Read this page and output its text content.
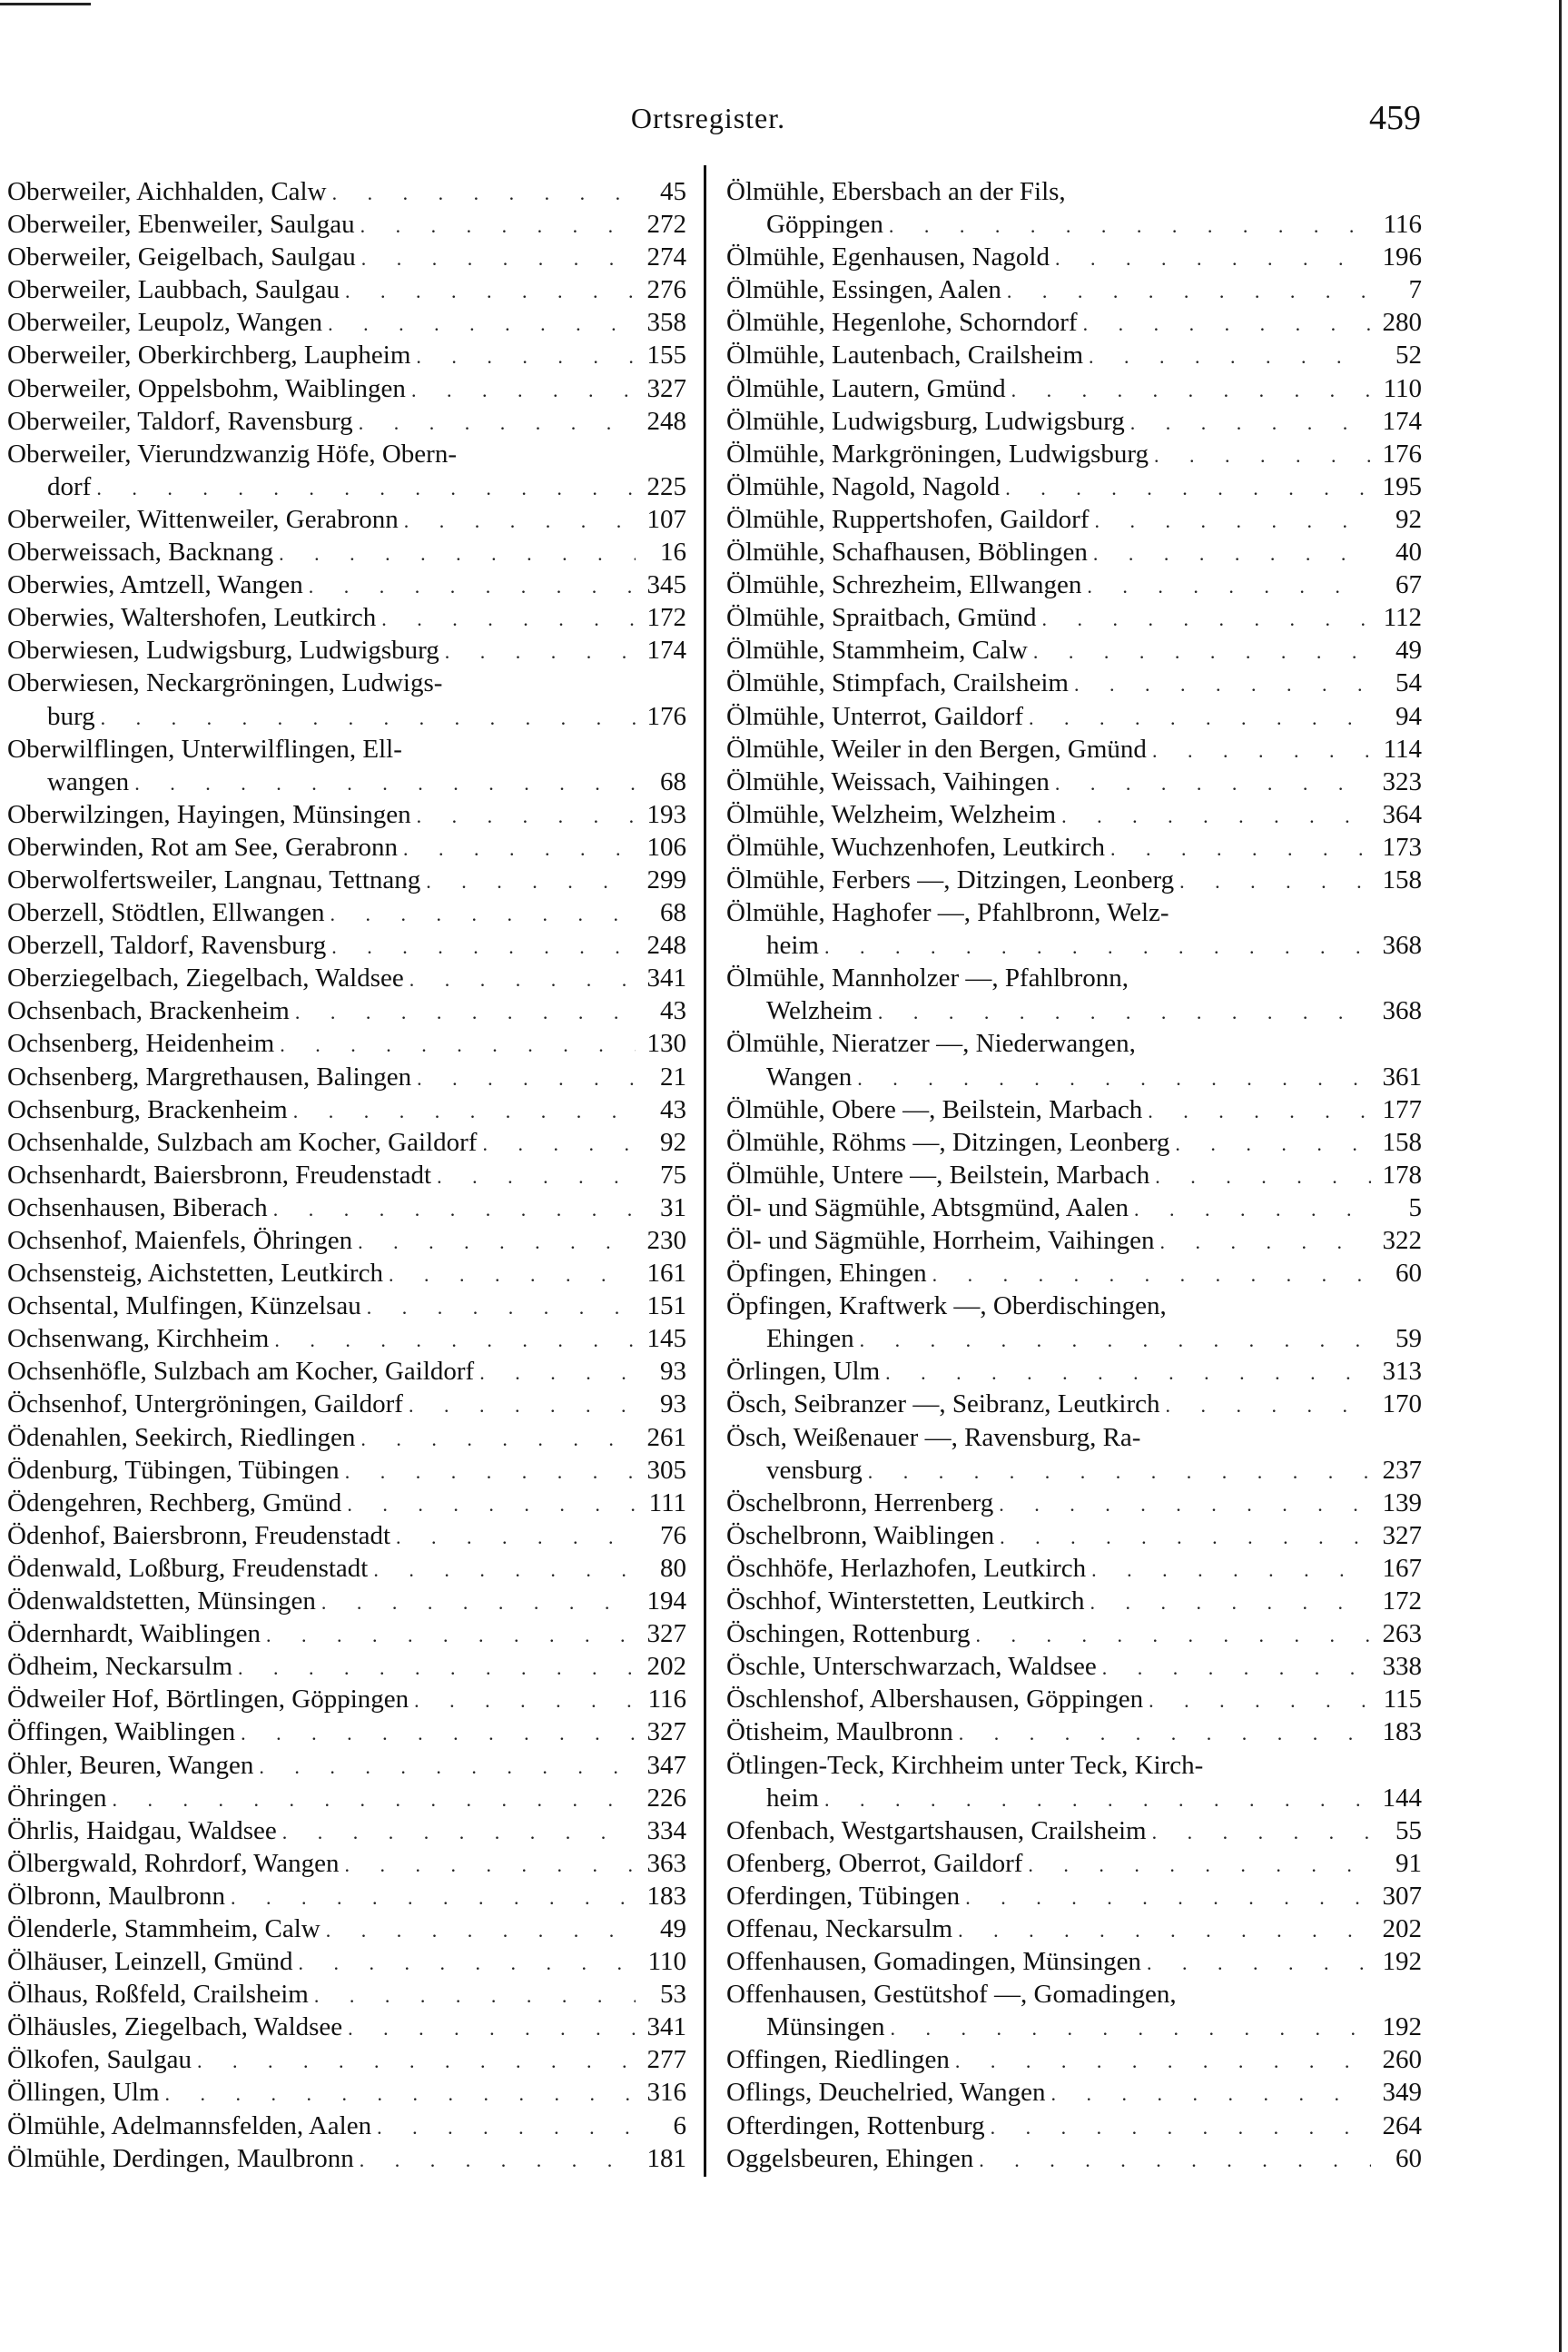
Ortsregister.	459
Oberweiler, Aichhalden, Calw . . .	45
Oberweiler, Ebenweiler, Saulgau . . .	272
Oberweiler, Geigelbach, Saulgau . . .	274
Oberweiler, Laubbach, Saulgau . . .	276
Oberweiler, Leupolz, Wangen . . .	358
Oberweiler, Oberkirchberg, Laupheim . . .	155
Oberweiler, Oppelsbohm, Waiblingen . . .	327
Oberweiler, Taldorf, Ravensburg . . .	248
Oberweiler, Vierundzwanzig Höfe, Obern-
dorf . . .	225
Oberweiler, Wittenweiler, Gerabronn . . .	107
Oberweissach, Backnang . . .	16
Oberwies, Amtzell, Wangen . . .	345
Oberwies, Waltershofen, Leutkirch . . .	172
Oberwiesen, Ludwigsburg, Ludwigsburg . . .	174
Oberwiesen, Neckargröningen, Ludwigs-
burg . . .	176
Oberwilflingen, Unterwilflingen, Ell-
wangen . . .	68
Oberwilzingen, Hayingen, Münsingen . . .	193
Oberwinden, Rot am See, Gerabronn . . .	106
Oberwolfertsweiler, Langnau, Tettnang . . .	299
Oberzell, Stödtlen, Ellwangen . . .	68
Oberzell, Taldorf, Ravensburg . . .	248
Oberziegelbach, Ziegelbach, Waldsee . . .	341
Ochsenbach, Brackenheim . . .	43
Ochsenberg, Heidenheim . . .	130
Ochsenberg, Margrethausen, Balingen . . .	21
Ochsenburg, Brackenheim . . .	43
Ochsenhalde, Sulzbach am Kocher, Gaildorf . . .	92
Ochsenhardt, Baiersbronn, Freudenstadt . . .	75
Ochsenhausen, Biberach . . .	31
Ochsenhof, Maienfels, Öhringen . . .	230
Ochsensteig, Aichstetten, Leutkirch . . .	161
Ochsental, Mulfingen, Künzelsau . . .	151
Ochsenwang, Kirchheim . . .	145
Ochsenhöfle, Sulzbach am Kocher, Gaildorf . . .	93
Öchsenhof, Untergröningen, Gaildorf . . .	93
Ödenahlen, Seekirch, Riedlingen . . .	261
Ödenburg, Tübingen, Tübingen . . .	305
Ödengehren, Rechberg, Gmünd . . .	111
Ödenhof, Baiersbronn, Freudenstadt . . .	76
Ödenwald, Loßburg, Freudenstadt . . .	80
Ödenwaldstetten, Münsingen . . .	194
Ödernhardt, Waiblingen . . .	327
Ödheim, Neckarsulm . . .	202
Ödweiler Hof, Börtlingen, Göppingen . . .	116
Öffingen, Waiblingen . . .	327
Öhler, Beuren, Wangen . . .	347
Öhringen . . .	226
Öhrlis, Haidgau, Waldsee . . .	334
Ölbergwald, Rohrdorf, Wangen . . .	363
Ölbronn, Maulbronn . . .	183
Ölenderle, Stammheim, Calw . . .	49
Ölhäuser, Leinzell, Gmünd . . .	110
Ölhaus, Roßfeld, Crailsheim . . .	53
Ölhäusles, Ziegelbach, Waldsee . . .	341
Ölkofen, Saulgau . . .	277
Öllingen, Ulm . . .	316
Ölmühle, Adelmannsfelden, Aalen . . .	6
Ölmühle, Derdingen, Maulbronn . . .	181
Ölmühle, Ebersbach an der Fils,
Göppingen . . .	116
Ölmühle, Egenhausen, Nagold . . .	196
Ölmühle, Essingen, Aalen . . .	7
Ölmühle, Hegenlohe, Schorndorf . . .	280
Ölmühle, Lautenbach, Crailsheim . . .	52
Ölmühle, Lautern, Gmünd . . .	110
Ölmühle, Ludwigsburg, Ludwigsburg . . .	174
Ölmühle, Markgröningen, Ludwigsburg . . .	176
Ölmühle, Nagold, Nagold . . .	195
Ölmühle, Ruppertshofen, Gaildorf . . .	92
Ölmühle, Schafhausen, Böblingen . . .	40
Ölmühle, Schrezheim, Ellwangen . . .	67
Ölmühle, Spraitbach, Gmünd . . .	112
Ölmühle, Stammheim, Calw . . .	49
Ölmühle, Stimpfach, Crailsheim . . .	54
Ölmühle, Unterrot, Gaildorf . . .	94
Ölmühle, Weiler in den Bergen, Gmünd . . .	114
Ölmühle, Weissach, Vaihingen . . .	323
Ölmühle, Welzheim, Welzheim . . .	364
Ölmühle, Wuchzenhofen, Leutkirch . . .	173
Ölmühle, Ferbers —, Ditzingen, Leonberg . . .	158
Ölmühle, Haghofer —, Pfahlbronn, Welz-
heim . . .	368
Ölmühle, Mannholzer —, Pfahlbronn,
Welzheim . . .	368
Ölmühle, Nieratzer —, Niederwangen,
Wangen . . .	361
Ölmühle, Obere —, Beilstein, Marbach . . .	177
Ölmühle, Röhms —, Ditzingen, Leonberg . . .	158
Ölmühle, Untere —, Beilstein, Marbach . . .	178
Öl- und Sägmühle, Abtsgmünd, Aalen . . .	5
Öl- und Sägmühle, Horrheim, Vaihingen . . .	322
Öpfingen, Ehingen . . .	60
Öpfingen, Kraftwerk —, Oberdischingen,
Ehingen . . .	59
Örlingen, Ulm . . .	313
Ösch, Seibranzer —, Seibranz, Leutkirch . . .	170
Ösch, Weißenauer —, Ravensburg, Ra-
vensburg . . .	237
Öschelbronn, Herrenberg . . .	139
Öschelbronn, Waiblingen . . .	327
Öschhöfe, Herlazhofen, Leutkirch . . .	167
Öschhof, Winterstetten, Leutkirch . . .	172
Öschingen, Rottenburg . . .	263
Öschle, Unterschwarzach, Waldsee . . .	338
Öschlenshof, Albershausen, Göppingen . . .	115
Ötisheim, Maulbronn . . .	183
Ötlingen-Teck, Kirchheim unter Teck, Kirch-
heim . . .	144
Ofenbach, Westgartshausen, Crailsheim . . .	55
Ofenberg, Oberrot, Gaildorf . . .	91
Oferdingen, Tübingen . . .	307
Offenau, Neckarsulm . . .	202
Offenhausen, Gomadingen, Münsingen . . .	192
Offenhausen, Gestütshof —, Gomadingen,
Münsingen . . .	192
Offingen, Riedlingen . . .	260
Oflings, Deuchelried, Wangen . . .	349
Ofterdingen, Rottenburg . . .	264
Oggelsbeuren, Ehingen . . .	60
